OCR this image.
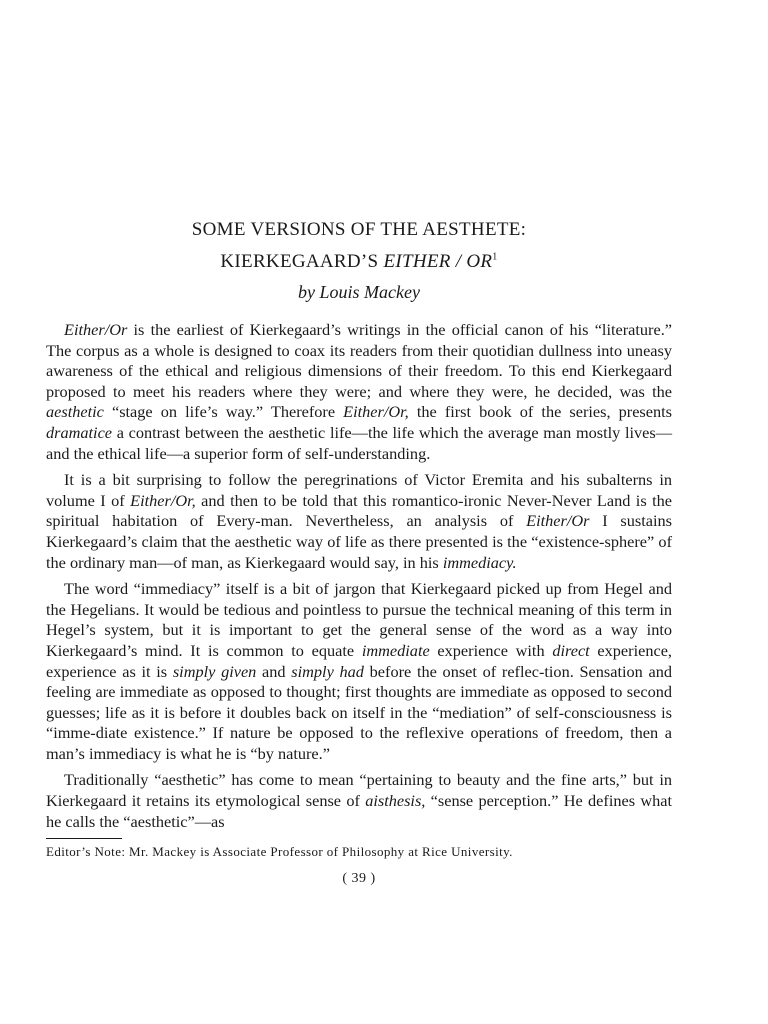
SOME VERSIONS OF THE AESTHETE:
KIERKEGAARD’S EITHER / $OR^1$

by Louis Mackey

Either/Or is the earliest of Kierkegaard’s writings in the official canon of his “literature.” The corpus as a whole is designed to coax its readers from their quotidian dullness into uneasy awareness of the ethical and religious dimensions of their freedom. To this end Kierkegaard proposed to meet his readers where they were; and where they were, he decided, was the aesthetic “stage on life’s way.” Therefore Either/Or, the first book of the series, presents dramatice a contrast between the aesthetic life—the life which the average man mostly lives—and the ethical life—a superior form of self-understanding.

It is a bit surprising to follow the peregrinations of Victor Eremita and his subalterns in volume I of Either/Or, and then to be told that this romantico-ironic Never-Never Land is the spiritual habitation of Every-man. Nevertheless, an analysis of Either/Or I sustains Kierkegaard’s claim that the aesthetic way of life as there presented is the “existence-sphere” of the ordinary man—of man, as Kierkegaard would say, in his immediacy.

The word “immediacy” itself is a bit of jargon that Kierkegaard picked up from Hegel and the Hegelians. It would be tedious and pointless to pursue the technical meaning of this term in Hegel’s system, but it is important to get the general sense of the word as a way into Kierkegaard’s mind. It is common to equate immediate experience with direct experience, experience as it is simply given and simply had before the onset of reflec-tion. Sensation and feeling are immediate as opposed to thought; first thoughts are immediate as opposed to second guesses; life as it is before it doubles back on itself in the “mediation” of self-consciousness is “imme-diate existence.” If nature be opposed to the reflexive operations of freedom, then a man’s immediacy is what he is “by nature.”

Traditionally “aesthetic” has come to mean “pertaining to beauty and the fine arts,” but in Kierkegaard it retains its etymological sense of aisthesis, “sense perception.” He defines what he calls the “aesthetic”—as

Editor’s Note: Mr. Mackey is Associate Professor of Philosophy at Rice University.

( 39 )
